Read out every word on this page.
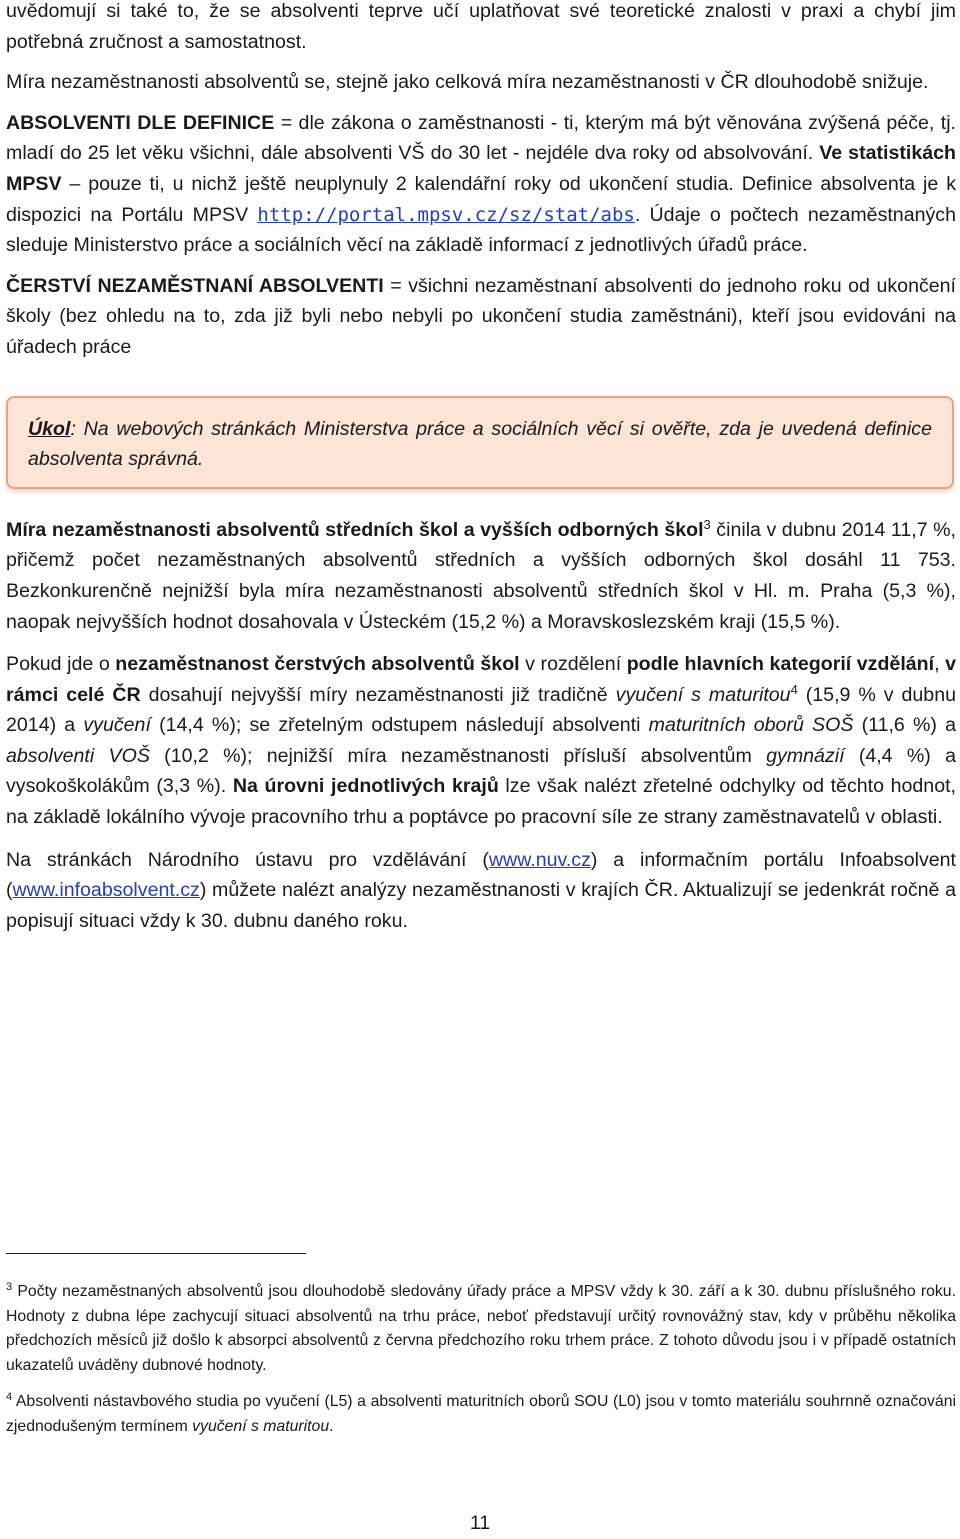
uvědomují si také to, že se absolventi teprve učí uplatňovat své teoretické znalosti v praxi a chybí jim potřebná zručnost a samostatnost.

Míra nezaměstnanosti absolventů se, stejně jako celková míra nezaměstnanosti v ČR dlouhodobě snižuje.

ABSOLVENTI DLE DEFINICE = dle zákona o zaměstnanosti - ti, kterým má být věnována zvýšená péče, tj. mladí do 25 let věku všichni, dále absolventi VŠ do 30 let - nejdéle dva roky od absolvování. Ve statistikách MPSV – pouze ti, u nichž ještě neuplynuly 2 kalendářní roky od ukončení studia. Definice absolventa je k dispozici na Portálu MPSV http://portal.mpsv.cz/sz/stat/abs. Údaje o počtech nezaměstnaných sleduje Ministerstvo práce a sociálních věcí na základě informací z jednotlivých úřadů práce.

ČERSTVÍ NEZAMĚSTNANÍ ABSOLVENTI = všichni nezaměstnaní absolventi do jednoho roku od ukončení školy (bez ohledu na to, zda již byli nebo nebyli po ukončení studia zaměstnáni), kteří jsou evidováni na úřadech práce

Úkol: Na webových stránkách Ministerstva práce a sociálních věcí si ověřte, zda je uvedená definice absolventa správná.

Míra nezaměstnanosti absolventů středních škol a vyšších odborných škol$^3$ činila v dubnu 2014 11,7 %, přičemž počet nezaměstnaných absolventů středních a vyšších odborných škol dosáhl 11 753. Bezkonkurenčně nejnižší byla míra nezaměstnanosti absolventů středních škol v Hl. m. Praha (5,3 %), naopak nejvyšších hodnot dosahovala v Ústeckém (15,2 %) a Moravskoslezském kraji (15,5 %).

Pokud jde o nezaměstnanost čerstvých absolventů škol v rozdělení podle hlavních kategorií vzdělání, v rámci celé ČR dosahují nejvyšší míry nezaměstnanosti již tradičně vyučení s maturitou$^4$ (15,9 % v dubnu 2014) a vyučení (14,4 %); se zřetelným odstupem následují absolventi maturitních oborů SOŠ (11,6 %) a absolventi VOŠ (10,2 %); nejnižší míra nezaměstnanosti přísluší absolventům gymnázií (4,4 %) a vysokoškolákům (3,3 %). Na úrovni jednotlivých krajů lze však nalézt zřetelné odchylky od těchto hodnot, na základě lokálního vývoje pracovního trhu a poptávce po pracovní síle ze strany zaměstnavatelů v oblasti.

Na stránkách Národního ústavu pro vzdělávání (www.nuv.cz) a informačním portálu Infoabsolvent (www.infoabsolvent.cz) můžete nalézt analýzy nezaměstnanosti v krajích ČR. Aktualizují se jedenkrát ročně a popisují situaci vždy k 30. dubnu daného roku.

$^3$ Počty nezaměstnaných absolventů jsou dlouhodobě sledovány úřady práce a MPSV vždy k 30. září a k 30. dubnu příslušného roku. Hodnoty z dubna lépe zachycují situaci absolventů na trhu práce, neboť představují určitý rovnovážný stav, kdy v průběhu několika předchozích měsíců již došlo k absorpci absolventů z června předchozího roku trhem práce. Z tohoto důvodu jsou i v případě ostatních ukazatelů uváděny dubnové hodnoty.

$^4$ Absolventi nástavbového studia po vyučení (L5) a absolventi maturitních oborů SOU (L0) jsou v tomto materiálu souhrnně označováni zjednodušeným termínem vyučení s maturitou.

11
